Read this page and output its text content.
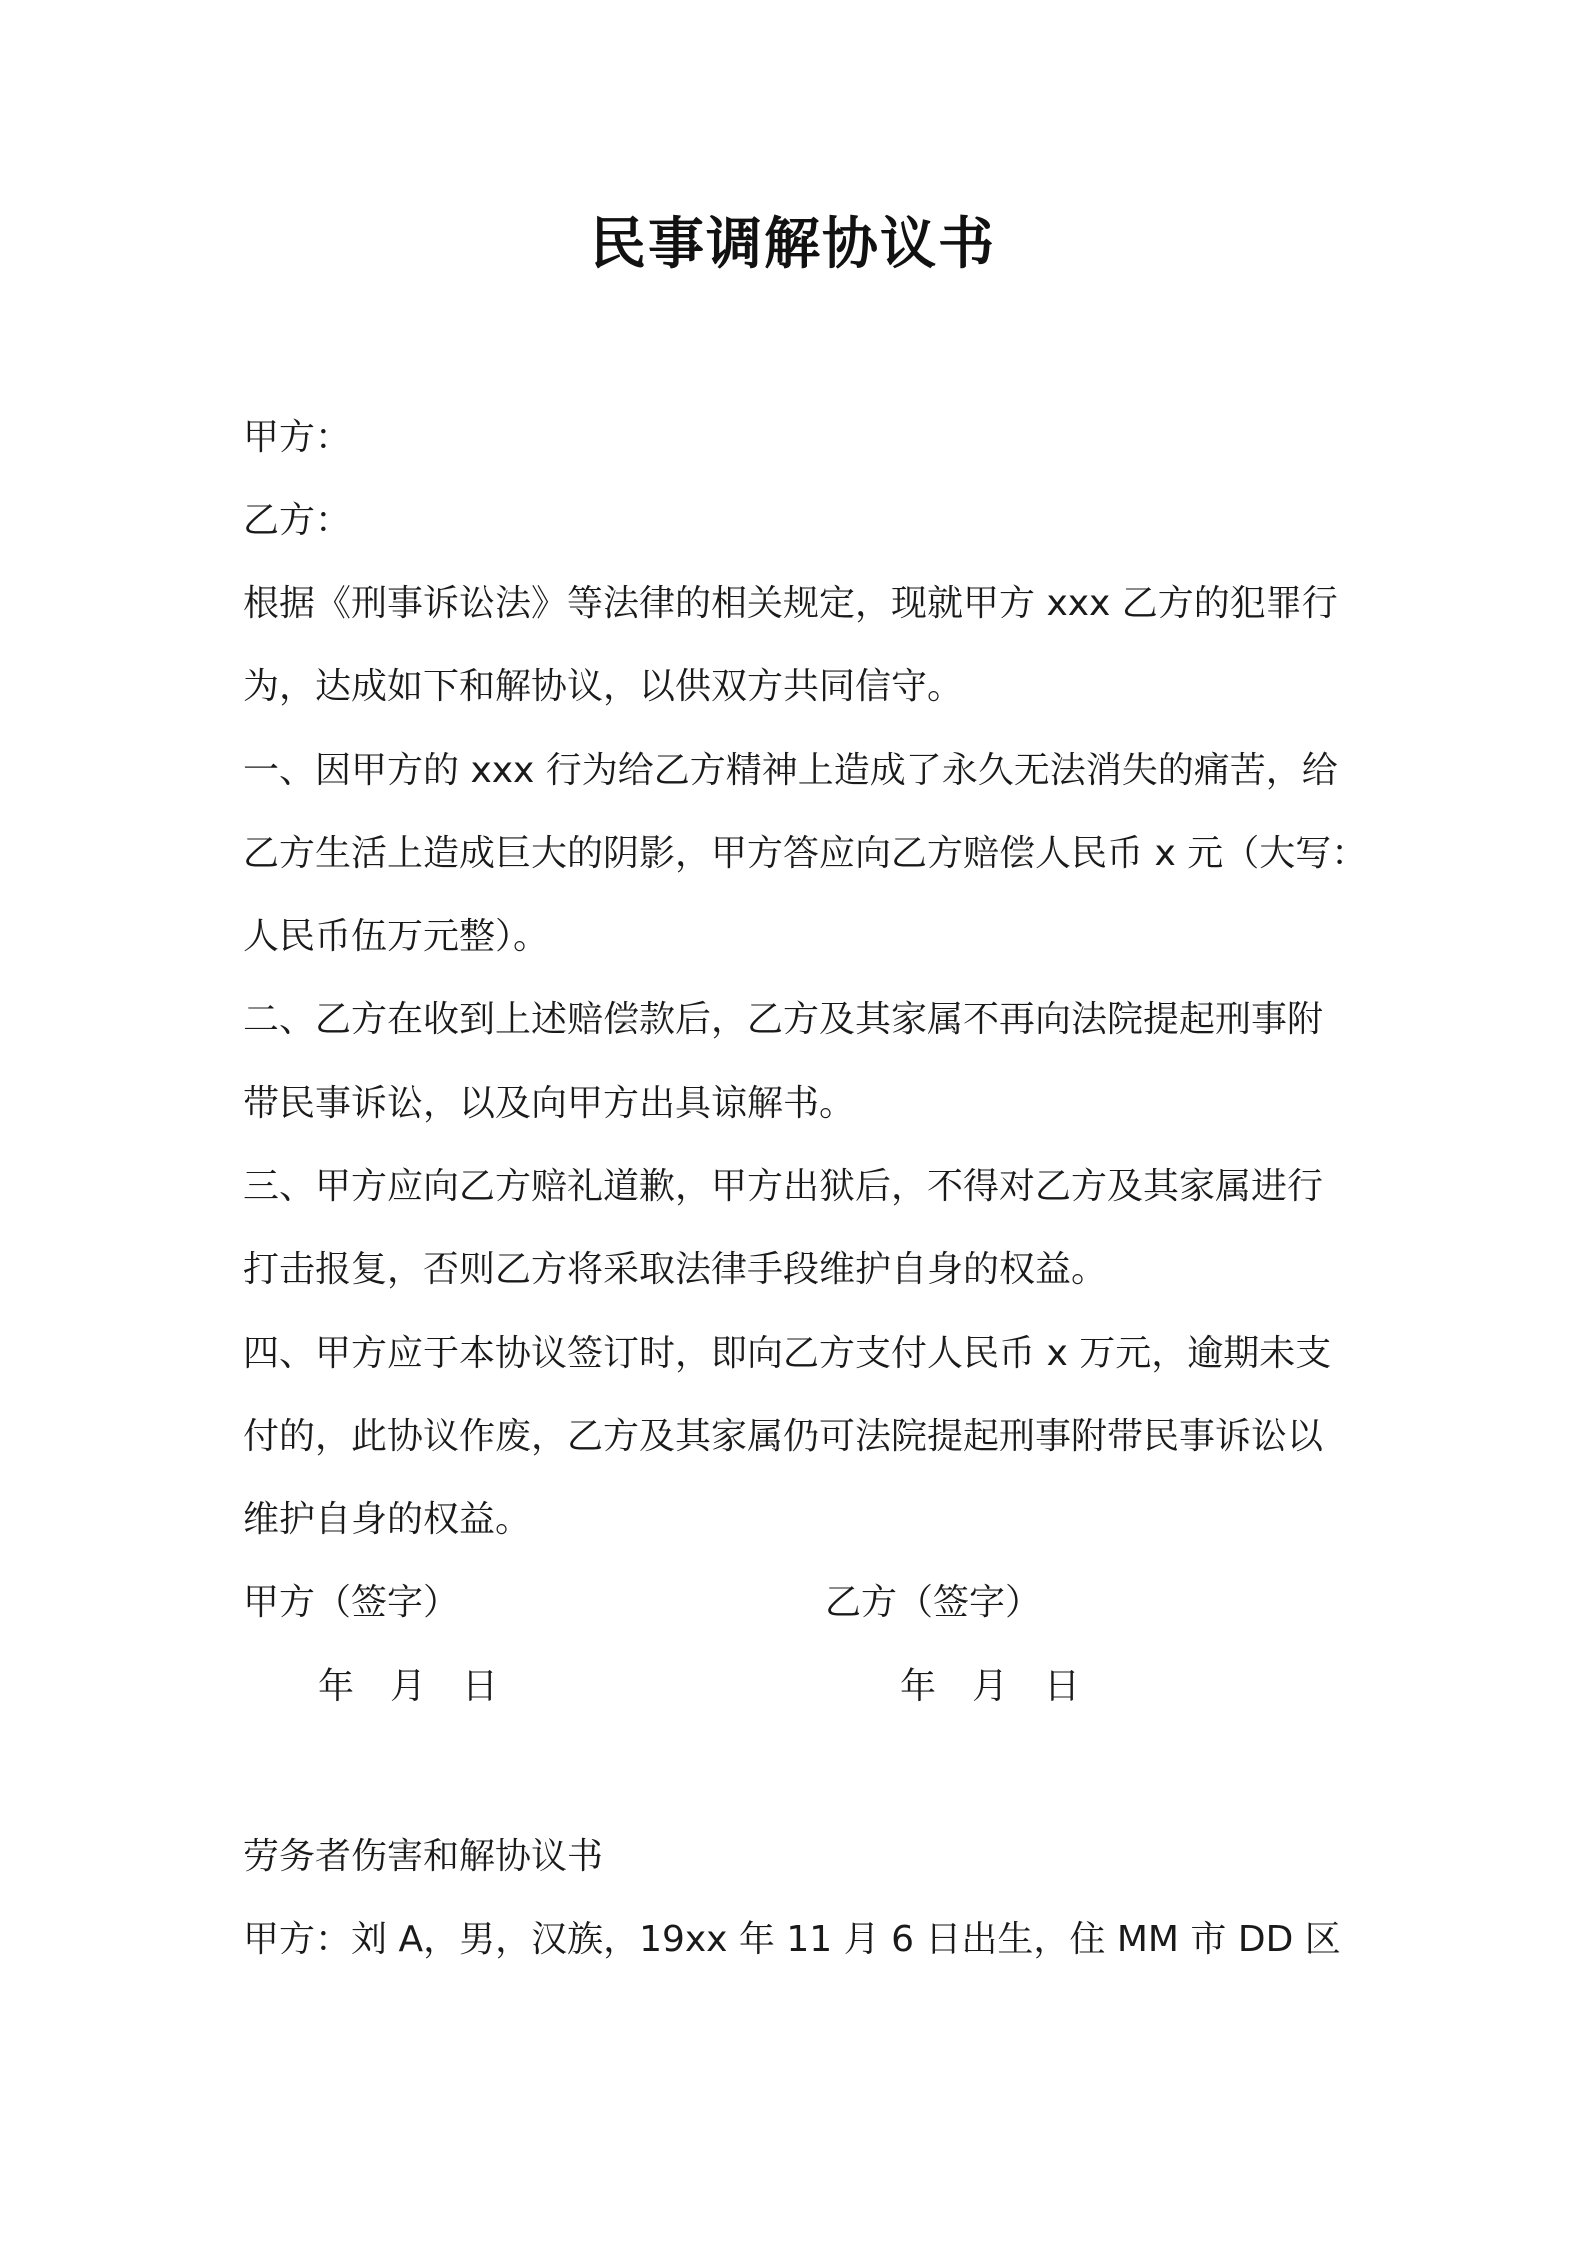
民事调解协议书
甲方：
乙方：
根据《刑事诉讼法》等法律的相关规定，现就甲方 xxx 乙方的犯罪行
为，达成如下和解协议，以供双方共同信守。
一、因甲方的 xxx 行为给乙方精神上造成了永久无法消失的痛苦，给
乙方生活上造成巨大的阴影，甲方答应向乙方赔偿人民币 x 元（大写：
人民币伍万元整）。
二、乙方在收到上述赔偿款后，乙方及其家属不再向法院提起刑事附
带民事诉讼，以及向甲方出具谅解书。
三、甲方应向乙方赔礼道歉，甲方出狱后，不得对乙方及其家属进行
打击报复，否则乙方将采取法律手段维护自身的权益。
四、甲方应于本协议签订时，即向乙方支付人民币 x 万元，逾期未支
付的，此协议作废，乙方及其家属仍可法院提起刑事附带民事诉讼以
维护自身的权益。
甲方（签字）	乙方（签字）
年　月　日	年　月　日
劳务者伤害和解协议书
甲方：刘 A，男，汉族，19xx 年 11 月 6 日出生，住 MM 市 DD 区
